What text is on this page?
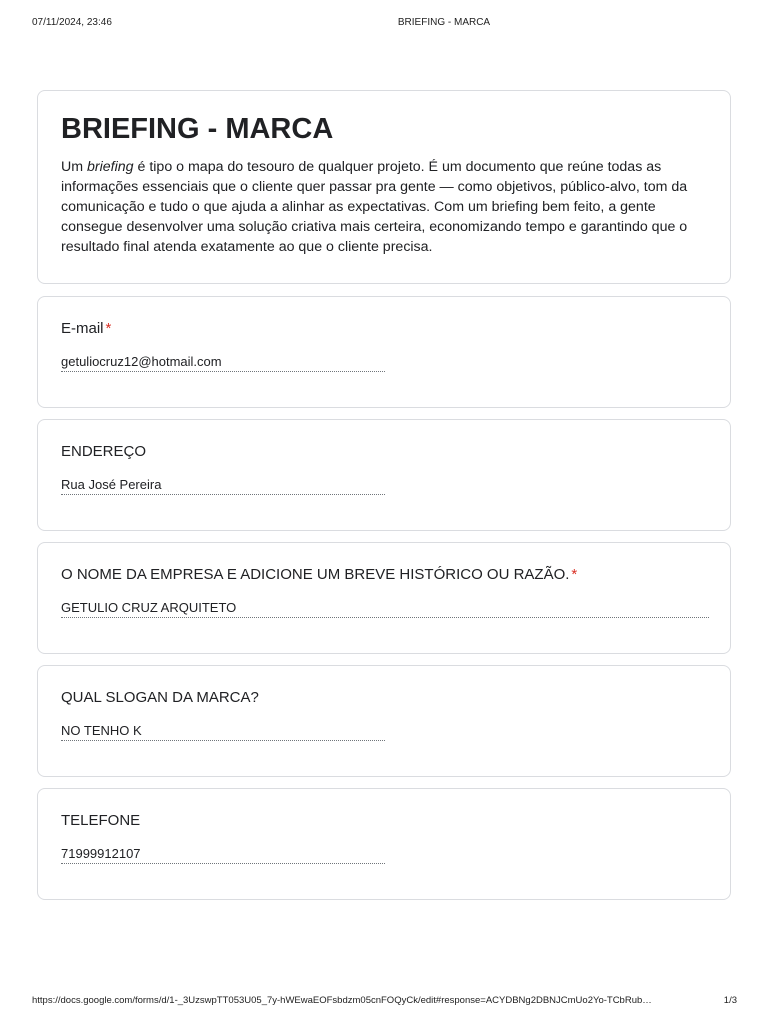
07/11/2024, 23:46	BRIEFING - MARCA
BRIEFING - MARCA

Um briefing é tipo o mapa do tesouro de qualquer projeto. É um documento que reúne todas as informações essenciais que o cliente quer passar pra gente — como objetivos, público-alvo, tom da comunicação e tudo o que ajuda a alinhar as expectativas. Com um briefing bem feito, a gente consegue desenvolver uma solução criativa mais certeira, economizando tempo e garantindo que o resultado final atenda exatamente ao que o cliente precisa.

E-mail *
getuliocruz12@hotmail.com
ENDEREÇO
Rua José Pereira
O NOME DA EMPRESA E ADICIONE UM BREVE HISTÓRICO OU RAZÃO. *
GETULIO CRUZ ARQUITETO
QUAL SLOGAN DA MARCA?
NO TENHO K
TELEFONE
71999912107
https://docs.google.com/forms/d/1-_3UzswpTT053U05_7y-hWEwaEOFsbdzm05cnFOQyCk/edit#response=ACYDBNg2DBNJCmUo2Yo-TCbRub…	1/3
